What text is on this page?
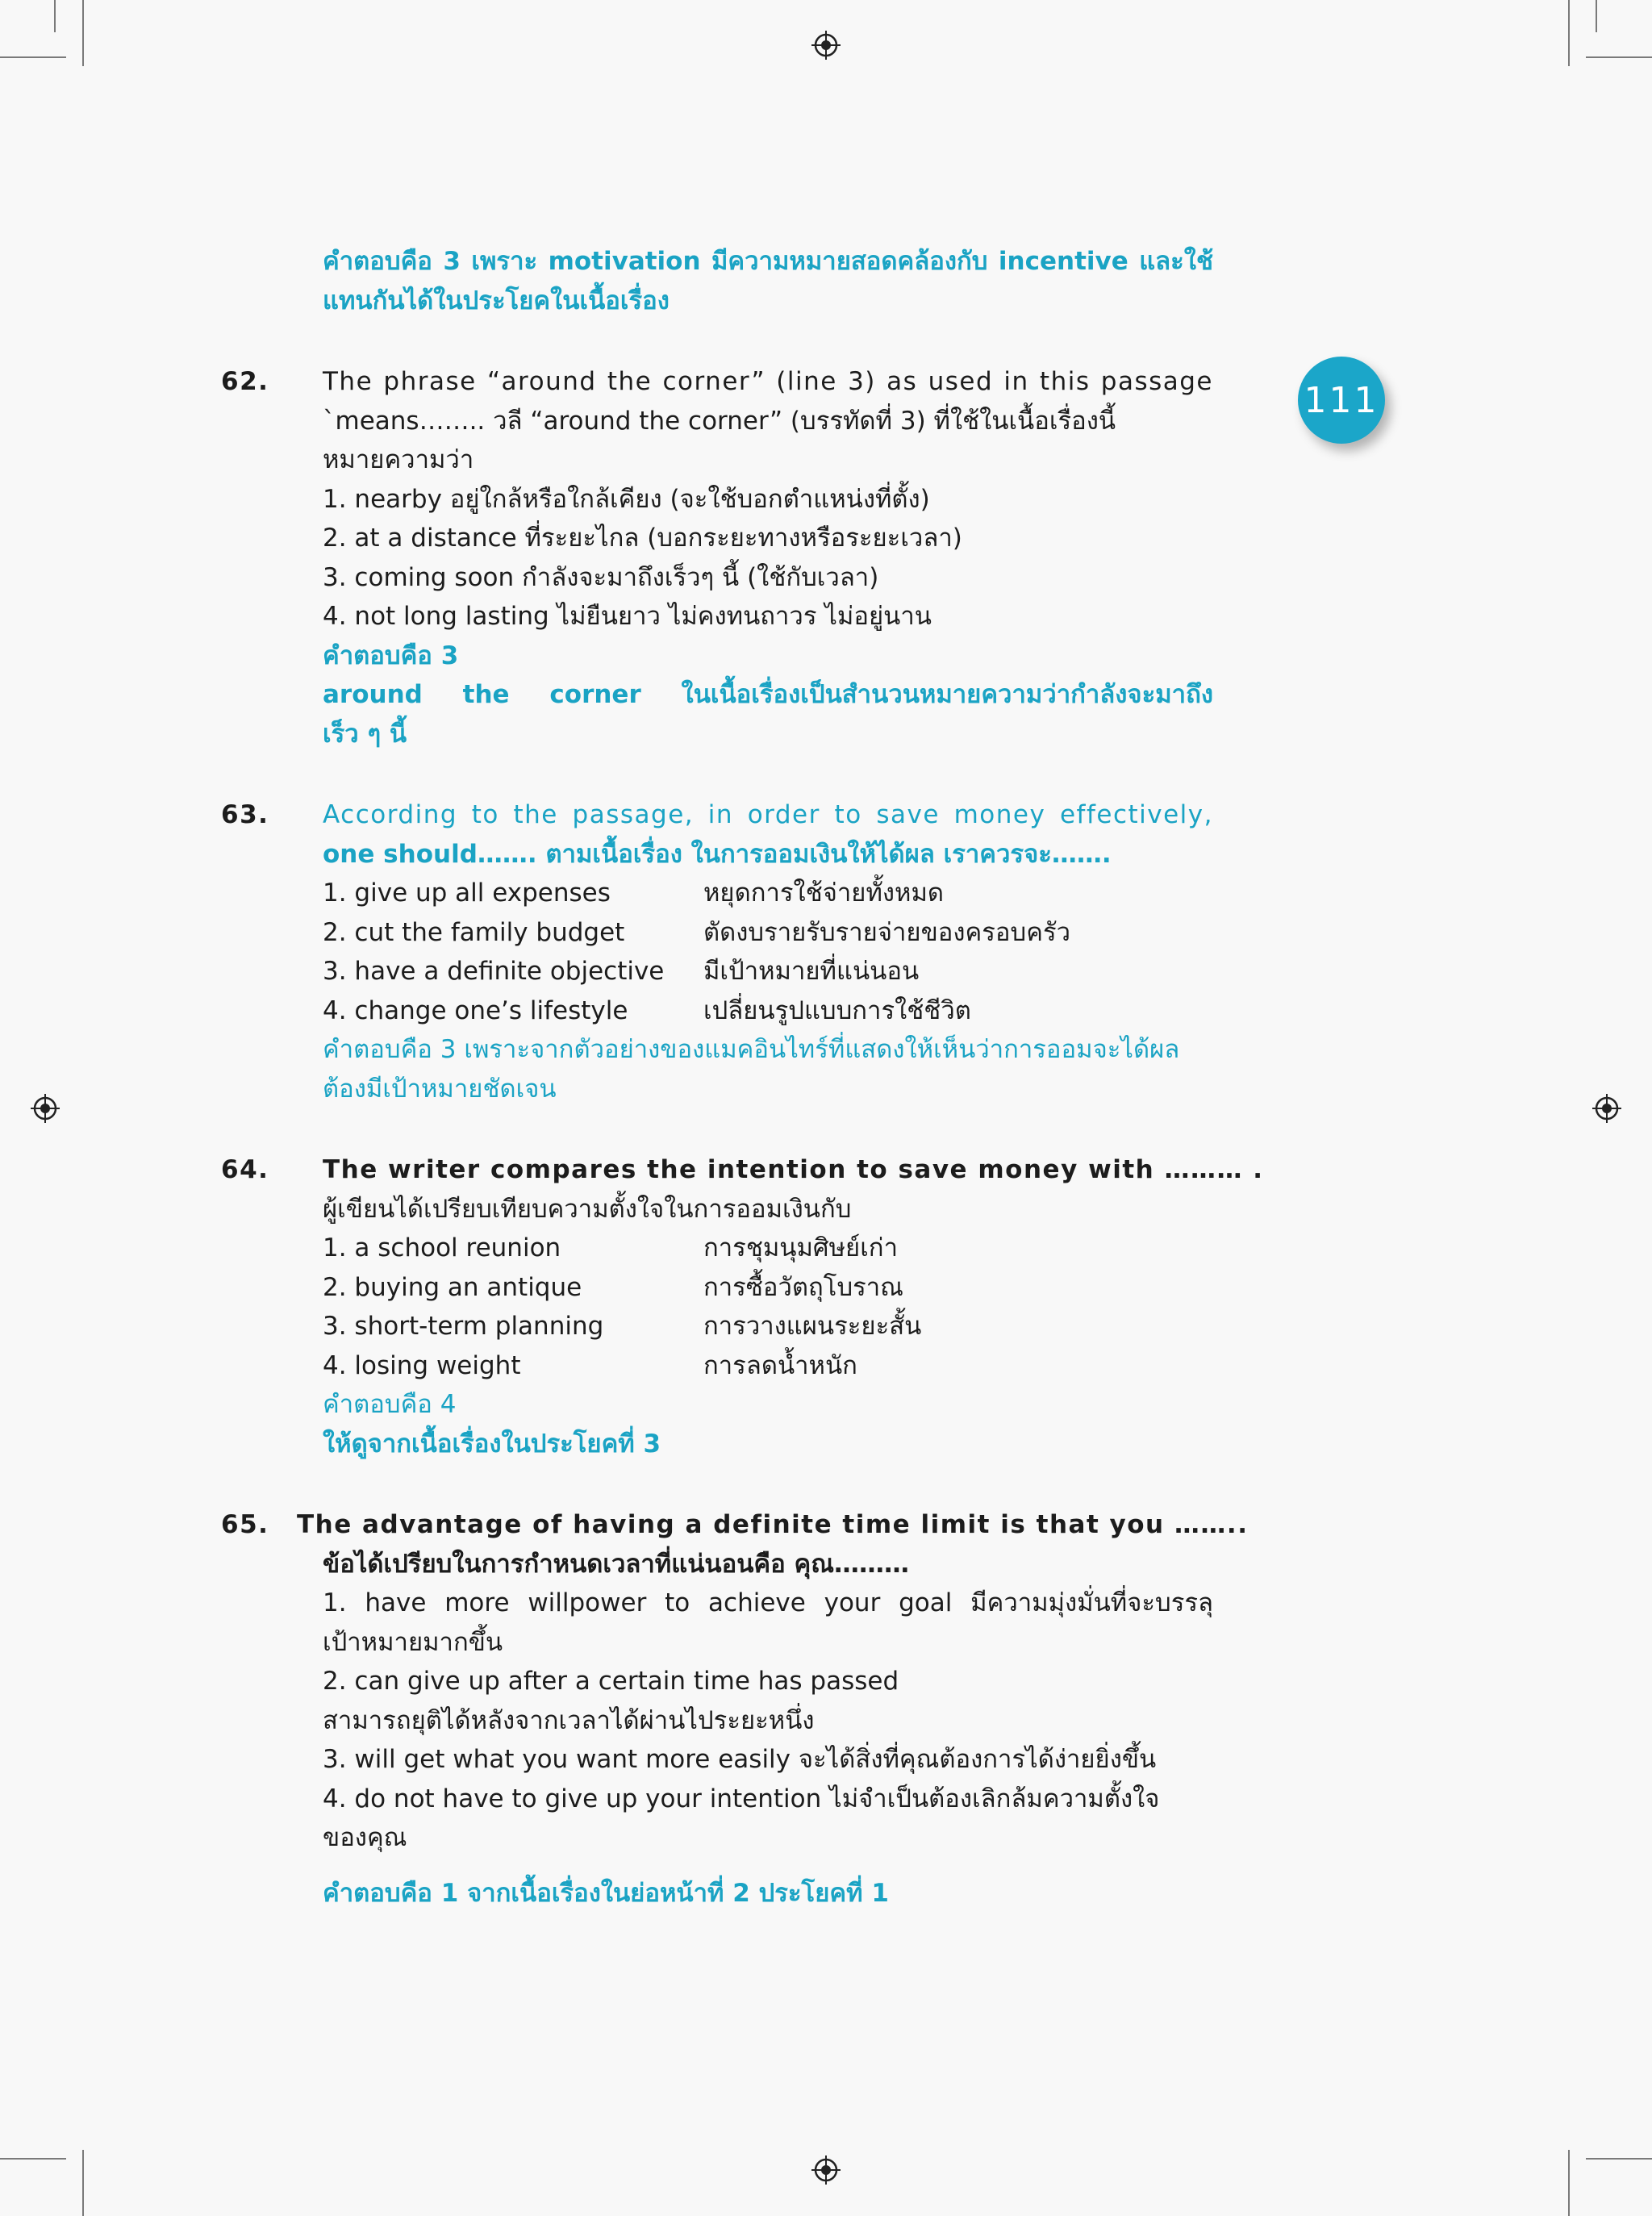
111
คำตอบคือ 3 เพราะ motivation มีความหมายสอดคล้องกับ incentive และใช้
แทนกันได้ในประโยคในเนื้อเรื่อง
62.	The phrase “around the corner” (line 3) as used in this passage
`means…….. วลี “around the corner” (บรรทัดที่ 3) ที่ใช้ในเนื้อเรื่องนี้
หมายความว่า
1. nearby อยู่ใกล้หรือใกล้เคียง (จะใช้บอกตำแหน่งที่ตั้ง)
2. at a distance ที่ระยะไกล (บอกระยะทางหรือระยะเวลา)
3. coming soon กำลังจะมาถึงเร็วๆ นี้ (ใช้กับเวลา)
4. not long lasting ไม่ยืนยาว ไม่คงทนถาวร ไม่อยู่นาน
คำตอบคือ 3
around the corner ในเนื้อเรื่องเป็นสำนวนหมายความว่ากำลังจะมาถึง
เร็ว ๆ นี้
63.	According to the passage, in order to save money effectively,
one should……. ตามเนื้อเรื่อง ในการออมเงินให้ได้ผล เราควรจะ…….
1. give up all expenses	หยุดการใช้จ่ายทั้งหมด
2. cut the family budget	ตัดงบรายรับรายจ่ายของครอบครัว
3. have a definite objective	มีเป้าหมายที่แน่นอน
4. change one’s lifestyle	เปลี่ยนรูปแบบการใช้ชีวิต
คำตอบคือ 3 เพราะจากตัวอย่างของแมคอินไทร์ที่แสดงให้เห็นว่าการออมจะได้ผล
ต้องมีเป้าหมายชัดเจน
64.	The writer compares the intention to save money with ……… .
ผู้เขียนได้เปรียบเทียบความตั้งใจในการออมเงินกับ
1. a school reunion	การชุมนุมศิษย์เก่า
2. buying an antique	การซื้อวัตถุโบราณ
3. short-term planning	การวางแผนระยะสั้น
4. losing weight	การลดน้ำหนัก
คำตอบคือ 4
ให้ดูจากเนื้อเรื่องในประโยคที่ 3
65.	The advantage of having a definite time limit is that you ……..
ข้อได้เปรียบในการกำหนดเวลาที่แน่นอนคือ คุณ………
1. have more willpower to achieve your goal มีความมุ่งมั่นที่จะบรรลุ
เป้าหมายมากขึ้น
2. can give up after a certain time has passed
สามารถยุติได้หลังจากเวลาได้ผ่านไประยะหนึ่ง
3. will get what you want more easily จะได้สิ่งที่คุณต้องการได้ง่ายยิ่งขึ้น
4. do not have to give up your intention ไม่จำเป็นต้องเลิกล้มความตั้งใจ
ของคุณ
คำตอบคือ 1 จากเนื้อเรื่องในย่อหน้าที่ 2 ประโยคที่ 1
